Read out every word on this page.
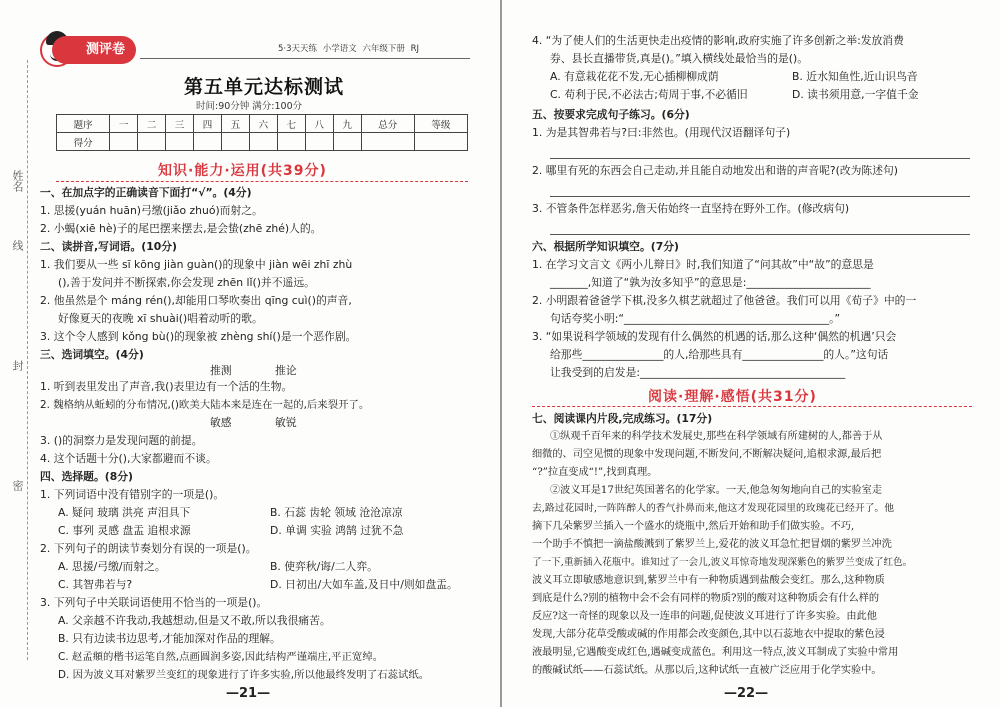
姓名
线
封
密
测评卷	5·3天天练 小学语文 六年级下册 RJ
第五单元达标测试
时间:90分钟 满分:100分
题序	一	二	三	四	五	六	七	八	九	总分	等级
得分											
知识·能力·运用(共39分)
一、在加点字的正确读音下面打“√”。(4分)
1. 思援(yuán huān)弓缴(jiǎo zhuó)而射之。
2. 小蝎(xiē hè)子的尾巴摆来摆去,是会蛰(zhē zhé)人的。
二、读拼音,写词语。(10分)
1. 我们要从一些 sī kōng jiàn guàn()的现象中 jiàn wēi zhī zhù
(),善于发问并不断探索,你会发现 zhēn lǐ()并不遥远。
2. 他虽然是个 máng rén(),却能用口琴吹奏出 qīng cuì()的声音,
好像夏天的夜晚 xī shuài()唱着动听的歌。
3. 这个令人感到 kǒng bù()的现象被 zhèng shí()是一个恶作剧。
三、选词填空。(4分)
推测 推论
1. 听到表里发出了声音,我()表里边有一个活的生物。
2. 魏格纳从蚯蚓的分布情况,()欧美大陆本来是连在一起的,后来裂开了。
敏感 敏锐
3. ()的洞察力是发现问题的前提。
4. 这个话题十分(),大家都避而不谈。
四、选择题。(8分)
1. 下列词语中没有错别字的一项是()。
A. 疑问 玻璃 洪亮 声泪具下	B. 石蕊 齿轮 领域 沧沧凉凉
C. 事列 灵感 盘盂 追根求源	D. 单调 实验 鸿鹄 过犹不急
2. 下列句子的朗读节奏划分有误的一项是()。
A. 思援/弓缴/而射之。	B. 使弈秋/诲/二人弈。
C. 其智弗若与?	D. 日初出/大如车盖,及日中/则如盘盂。
3. 下列句子中关联词语使用不恰当的一项是()。
A. 父亲越不许我动,我越想动,但是又不敢,所以我很痛苦。
B. 只有边读书边思考,才能加深对作品的理解。
C. 赵孟頫的楷书运笔自然,点画圆润多姿,因此结构严谨端庄,平正宽绰。
D. 因为波义耳对紫罗兰变红的现象进行了许多实验,所以他最终发明了石蕊试纸。
—21—
4. “为了使人们的生活更快走出疫情的影响,政府实施了许多创新之举:发放消费
券、县长直播带货,真是()。”填入横线处最恰当的是()。
A. 有意栽花花不发,无心插柳柳成荫	B. 近水知鱼性,近山识鸟音
C. 苟利于民,不必法古;苟周于事,不必循旧	D. 读书须用意,一字值千金
五、按要求完成句子练习。(6分)
1. 为是其智弗若与?曰:非然也。(用现代汉语翻译句子)
2. 哪里有死的东西会自己走动,并且能自动地发出和谐的声音呢?(改为陈述句)
3. 不管条件怎样恶劣,詹天佑始终一直坚持在野外工作。(修改病句)
六、根据所学知识填空。(7分)
1. 在学习文言文《两小儿辩日》时,我们知道了“问其故”中“故”的意思是
_______,知道了“孰为汝多知乎”的意思是:_______________________
2. 小明跟着爸爸学下棋,没多久棋艺就超过了他爸爸。我们可以用《荀子》中的一
句话夸奖小明:“______________________________________。”
3. “如果说科学领域的发现有什么偶然的机遇的话,那么这种‘偶然的机遇’只会
给那些_______________的人,给那些具有_______________的人。”这句话
让我受到的启发是:______________________________________
阅读·理解·感悟(共31分)
七、阅读课内片段,完成练习。(17分)
①纵观千百年来的科学技术发展史,那些在科学领域有所建树的人,都善于从
细微的、司空见惯的现象中发现问题,不断发问,不断解决疑问,追根求源,最后把
“?”拉直变成“!”,找到真理。
②波义耳是17世纪英国著名的化学家。一天,他急匆匆地向自己的实验室走
去,路过花园时,一阵阵醉人的香气扑鼻而来,他这才发现花园里的玫瑰花已经开了。他
摘下几朵紫罗兰插入一个盛水的烧瓶中,然后开始和助手们做实验。不巧,
一个助手不慎把一滴盐酸溅到了紫罗兰上,爱花的波义耳急忙把冒烟的紫罗兰冲洗
了一下,重新插入花瓶中。谁知过了一会儿,波义耳惊奇地发现深紫色的紫罗兰变成了红色。
波义耳立即敏感地意识到,紫罗兰中有一种物质遇到盐酸会变红。那么,这种物质
到底是什么?别的植物中会不会有同样的物质?别的酸对这种物质会有什么样的
反应?这一奇怪的现象以及一连串的问题,促使波义耳进行了许多实验。由此他
发现,大部分花草受酸或碱的作用都会改变颜色,其中以石蕊地衣中提取的紫色浸
液最明显,它遇酸变成红色,遇碱变成蓝色。利用这一特点,波义耳制成了实验中常用
的酸碱试纸——石蕊试纸。从那以后,这种试纸一直被广泛应用于化学实验中。
—22—
